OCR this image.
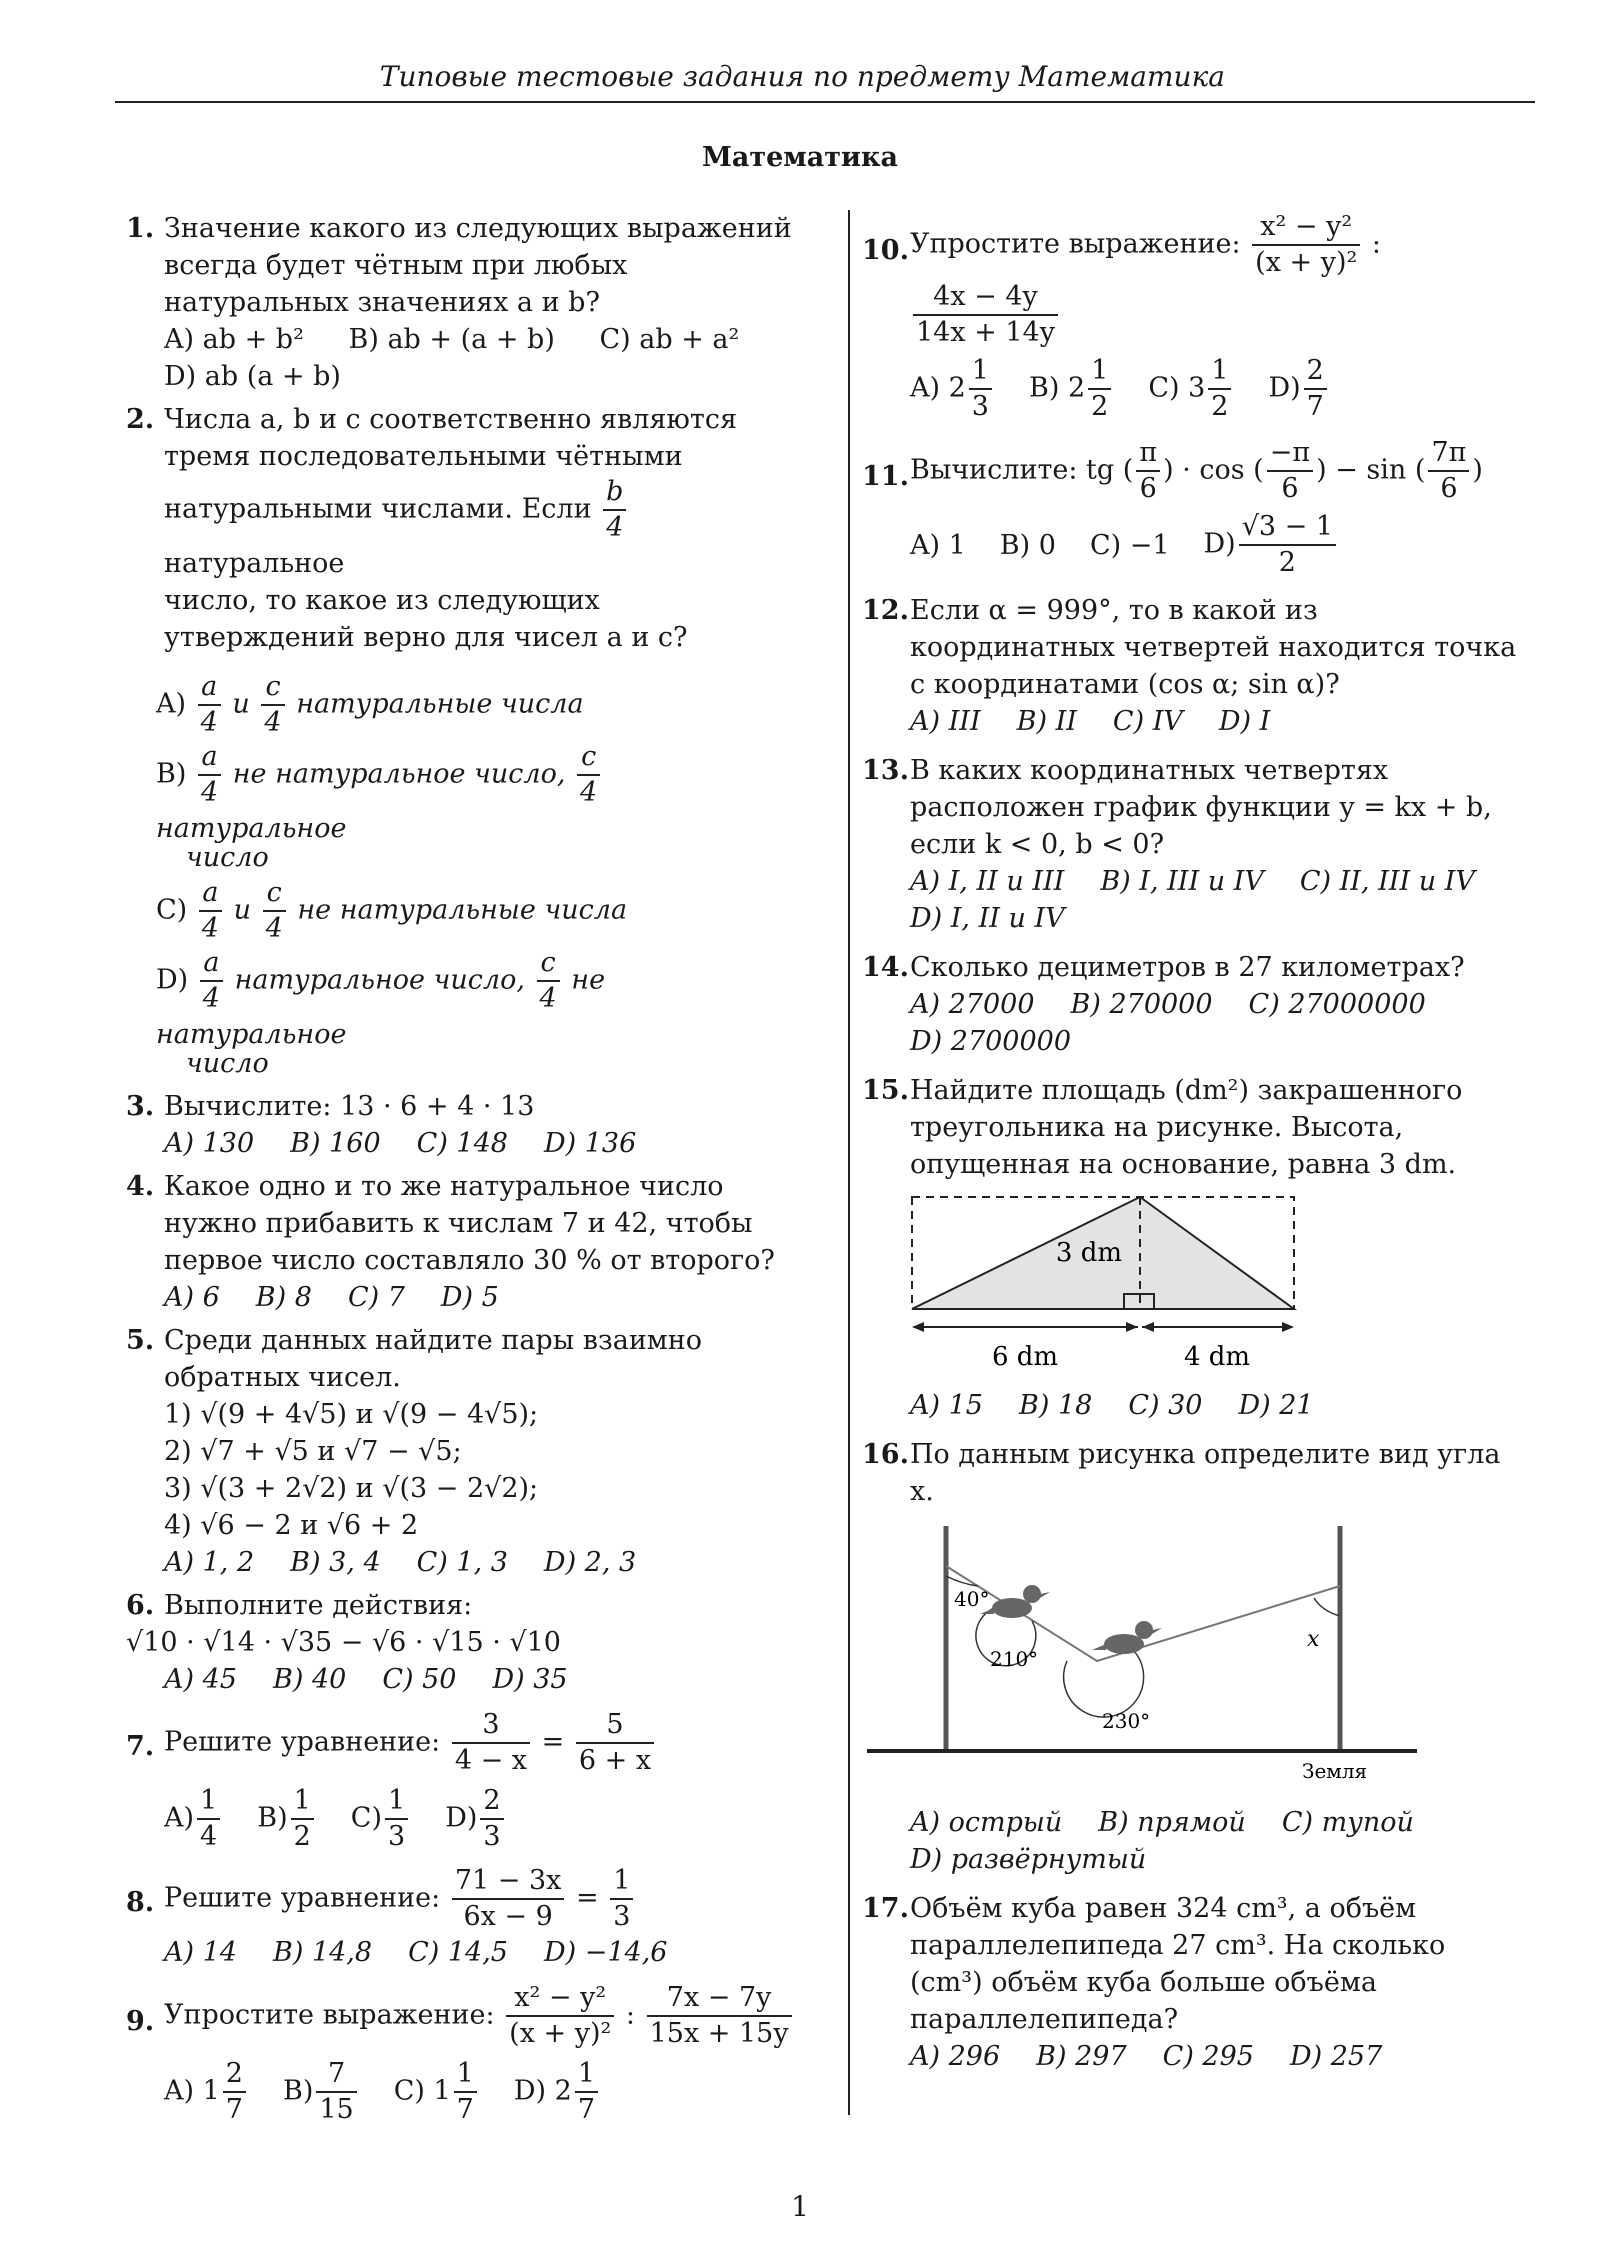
Типовые тестовые задания по предмету Математика
Математика
1. Значение какого из следующих выражений всегда будет чётным при любых натуральных значениях a и b?
A) ab + b² B) ab + (a + b) C) ab + a²
D) ab (a + b)
2. Числа a, b и c соответственно являются тремя последовательными чётными
натуральными числами. Если $\frac{b}{4}$
натуральное
число, то какое из следующих утверждений верно для чисел a и c?
$A) \frac{a}{4}$ и $\frac{c}{4}$ натуральные числа
$B) \frac{a}{4}$ не натуральное число, $\frac{c}{4}$
натуральное
число
$C) \frac{a}{4}$ и $\frac{c}{4}$ не натуральные числа
$D) \frac{a}{4}$ натуральное число, $\frac{c}{4}$ не натуральное
число
3. Вычислите: 13 · 6 + 4 · 13
A) 130 B) 160 C) 148 D) 136
4. Какое одно и то же натуральное число нужно прибавить к числам 7 и 42, чтобы первое число составляло 30 % от второго?
A) 6 B) 8 C) 7 D) 5
5. Среди данных найдите пары взаимно обратных чисел.
1) √(9 + 4√5) и √(9 − 4√5);
2) √7 + √5 и √7 − √5;
3) √(3 + 2√2) и √(3 − 2√2);
4) √6 − 2 и √6 + 2
A) 1, 2 B) 3, 4 C) 1, 3 D) 2, 3
6. Выполните действия:
√10 · √14 · √35 − √6 · √15 · √10
A) 45 B) 40 C) 50 D) 35
7. Решите уравнение: $\frac{3}{4 - x} = \frac{5}{6 + x}$
$A) \frac{1}{4} B) \frac{1}{2} C) \frac{1}{3} D) \frac{2}{3}$
8. Решите уравнение: $\frac{71 - 3x}{6x - 9} = \frac{1}{3}$
A) 14 B) 14,8 C) 14,5 D) −14,6
9. Упростите выражение: $\frac{\text{x² − y²}}{\text{(x + y)²}}$ : $\frac{7x - 7y}{15x + 15y}$
A) $1 \frac{2}{7} B) \frac{7}{15} C$) $1 \frac{1}{7} D$) $2 \frac{1}{7}$
10. Упростите выражение: $\frac{\text{x² − y²}}{\text{(x + y)²}}$ :
$\frac{4x - 4y}{14x + 14y}$
A) $2 \frac{1}{3} B$) $2 \frac{1}{2} C$) $3 \frac{1}{2} D) \frac{2}{7}$
11. Вычислите: tg ( $\frac{\pi}{6}$ ) · cos ( $\frac{-\pi}{6}$ ) − sin ( $\frac{7\pi}{6}$ )
A) 1 B) 0 C) −1 $D) \frac{√3 - 1}{2}$
12. Если α = 999°, то в какой из координатных четвертей находится точка с координатами (cos α; sin α)?
A) III B) II C) IV D) I
13. В каких координатных четвертях расположен график функции y = kx + b, если k < 0, b < 0?
A) I, II и III B) I, III и IV C) II, III и IV
D) I, II и IV
14. Сколько дециметров в 27 километрах?
A) 27000 B) 270000 C) 27000000
D) 2700000
15. Найдите площадь (dm²) закрашенного треугольника на рисунке. Высота, опущенная на основание, равна 3 dm.
3 dm
6 dm	4 dm
A) 15 B) 18 C) 30 D) 21
16. По данным рисунка определите вид угла x.
40°
210°
230°
x
Земля
A) острый B) прямой C) тупой
D) развёрнутый
17. Объём куба равен 324 cm³, а объём параллелепипеда 27 cm³. На сколько (cm³) объём куба больше объёма параллелепипеда?
A) 296 B) 297 C) 295 D) 257
1
